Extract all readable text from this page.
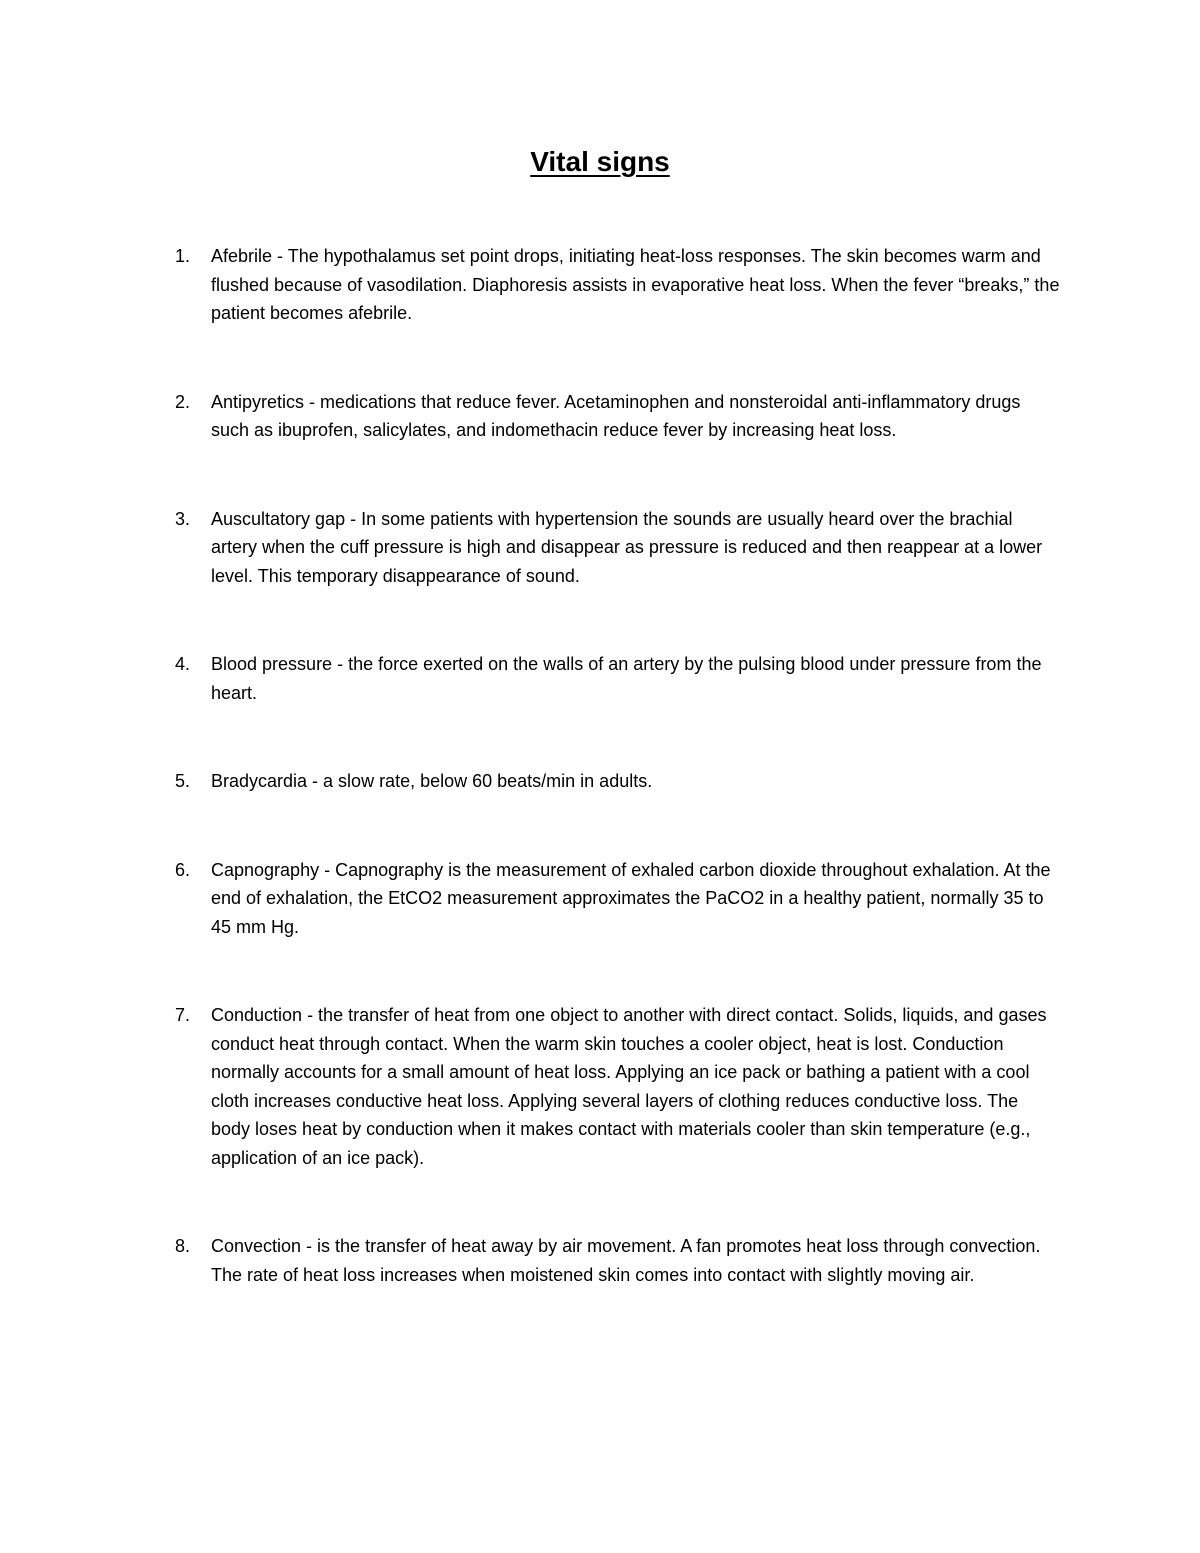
Vital signs
1. Afebrile - The hypothalamus set point drops, initiating heat-loss responses. The skin becomes warm and flushed because of vasodilation. Diaphoresis assists in evaporative heat loss. When the fever “breaks,” the patient becomes afebrile.
2. Antipyretics - medications that reduce fever. Acetaminophen and nonsteroidal anti-inflammatory drugs such as ibuprofen, salicylates, and indomethacin reduce fever by increasing heat loss.
3. Auscultatory gap - In some patients with hypertension the sounds are usually heard over the brachial artery when the cuff pressure is high and disappear as pressure is reduced and then reappear at a lower level. This temporary disappearance of sound.
4. Blood pressure - the force exerted on the walls of an artery by the pulsing blood under pressure from the heart.
5. Bradycardia - a slow rate, below 60 beats/min in adults.
6. Capnography - Capnography is the measurement of exhaled carbon dioxide throughout exhalation. At the end of exhalation, the EtCO2 measurement approximates the PaCO2 in a healthy patient, normally 35 to 45 mm Hg.
7. Conduction - the transfer of heat from one object to another with direct contact. Solids, liquids, and gases conduct heat through contact. When the warm skin touches a cooler object, heat is lost. Conduction normally accounts for a small amount of heat loss. Applying an ice pack or bathing a patient with a cool cloth increases conductive heat loss. Applying several layers of clothing reduces conductive loss. The body loses heat by conduction when it makes contact with materials cooler than skin temperature (e.g., application of an ice pack).
8. Convection - is the transfer of heat away by air movement. A fan promotes heat loss through convection. The rate of heat loss increases when moistened skin comes into contact with slightly moving air.
